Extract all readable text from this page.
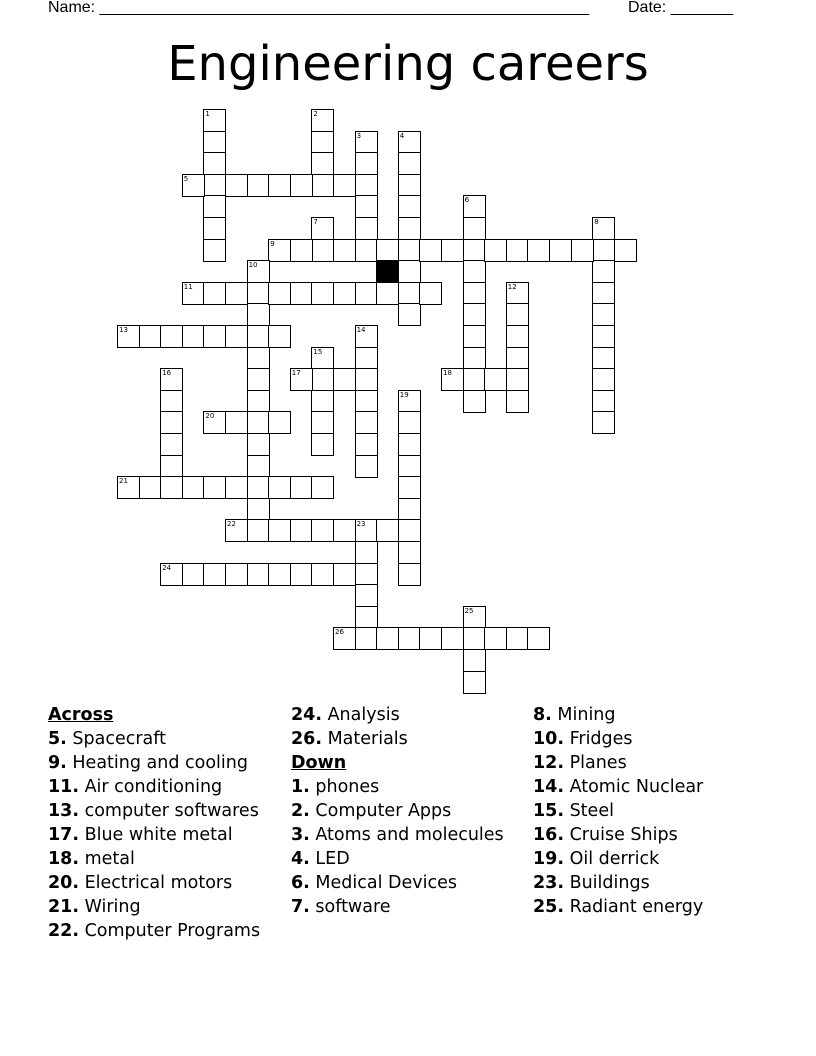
Name: _______________________________________________________ Date: _______
Engineering careers
1	2
3	4
5
6
7	8
9
10
11	12
13	14
15
16	17	18
19
20
21
22	23
24
25
26
Across
5. Spacecraft
9. Heating and cooling
11. Air conditioning
13. computer softwares
17. Blue white metal
18. metal
20. Electrical motors
21. Wiring
22. Computer Programs
24. Analysis
26. Materials
Down
1. phones
2. Computer Apps
3. Atoms and molecules
4. LED
6. Medical Devices
7. software
8. Mining
10. Fridges
12. Planes
14. Atomic Nuclear
15. Steel
16. Cruise Ships
19. Oil derrick
23. Buildings
25. Radiant energy
